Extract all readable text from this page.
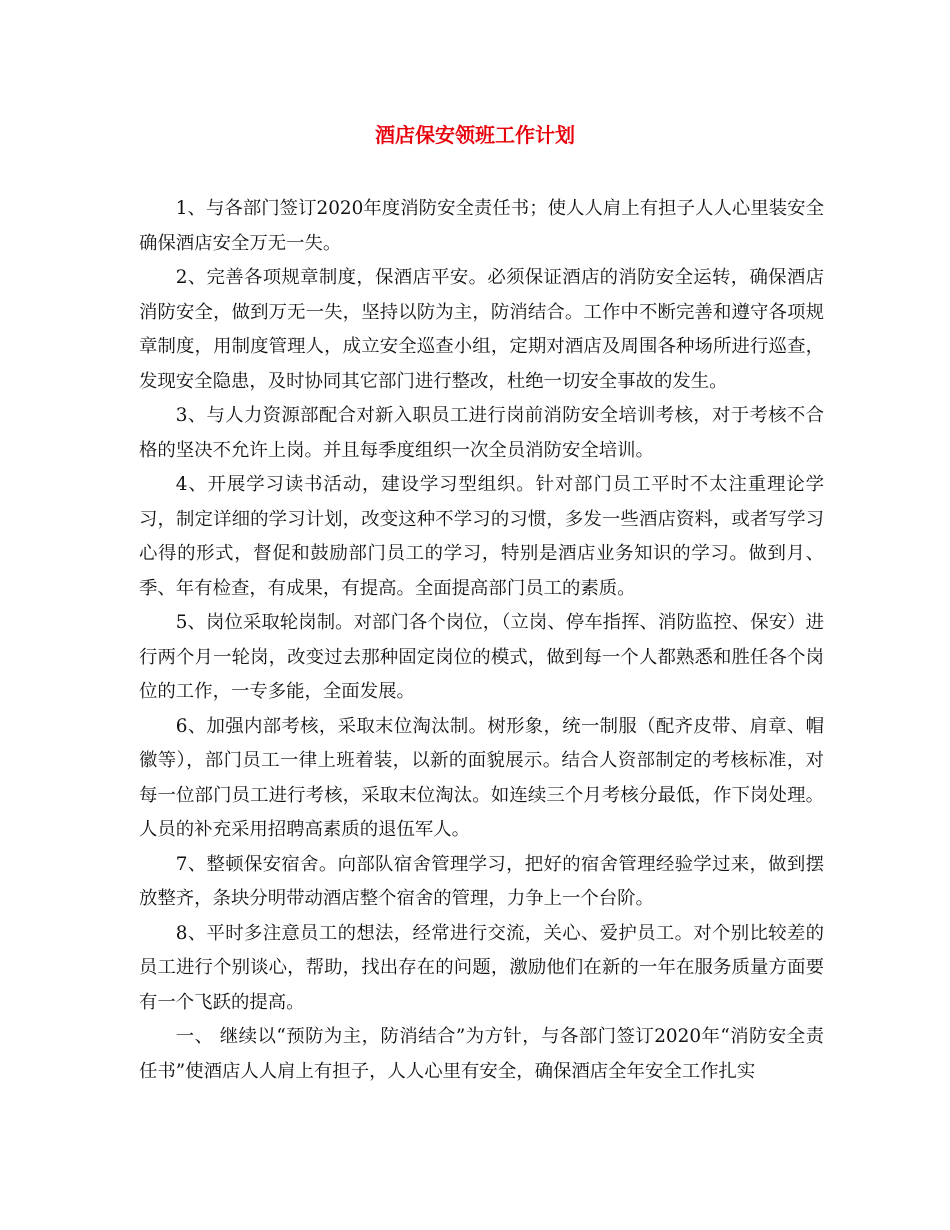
酒店保安领班工作计划

1、与各部门签订2020年度消防安全责任书；使人人肩上有担子人人心里装安全确保酒店安全万无一失。

2、完善各项规章制度，保酒店平安。必须保证酒店的消防安全运转，确保酒店消防安全，做到万无一失，坚持以防为主，防消结合。工作中不断完善和遵守各项规章制度，用制度管理人，成立安全巡查小组，定期对酒店及周围各种场所进行巡查，发现安全隐患，及时协同其它部门进行整改，杜绝一切安全事故的发生。

3、与人力资源部配合对新入职员工进行岗前消防安全培训考核，对于考核不合格的坚决不允许上岗。并且每季度组织一次全员消防安全培训。

4、开展学习读书活动，建设学习型组织。针对部门员工平时不太注重理论学习，制定详细的学习计划，改变这种不学习的习惯，多发一些酒店资料，或者写学习心得的形式，督促和鼓励部门员工的学习，特别是酒店业务知识的学习。做到月、季、年有检查，有成果，有提高。全面提高部门员工的素质。

5、岗位采取轮岗制。对部门各个岗位，（立岗、停车指挥、消防监控、保安）进行两个月一轮岗，改变过去那种固定岗位的模式，做到每一个人都熟悉和胜任各个岗位的工作，一专多能，全面发展。

6、加强内部考核，采取末位淘汰制。树形象，统一制服（配齐皮带、肩章、帽徽等），部门员工一律上班着装，以新的面貌展示。结合人资部制定的考核标准，对每一位部门员工进行考核，采取末位淘汰。如连续三个月考核分最低，作下岗处理。人员的补充采用招聘高素质的退伍军人。

7、整顿保安宿舍。向部队宿舍管理学习，把好的宿舍管理经验学过来，做到摆放整齐，条块分明带动酒店整个宿舍的管理，力争上一个台阶。

8、平时多注意员工的想法，经常进行交流，关心、爱护员工。对个别比较差的员工进行个别谈心，帮助，找出存在的问题，激励他们在新的一年在服务质量方面要有一个飞跃的提高。

一、 继续以“预防为主，防消结合”为方针，与各部门签订2020年“消防安全责任书”使酒店人人肩上有担子，人人心里有安全，确保酒店全年安全工作扎实
